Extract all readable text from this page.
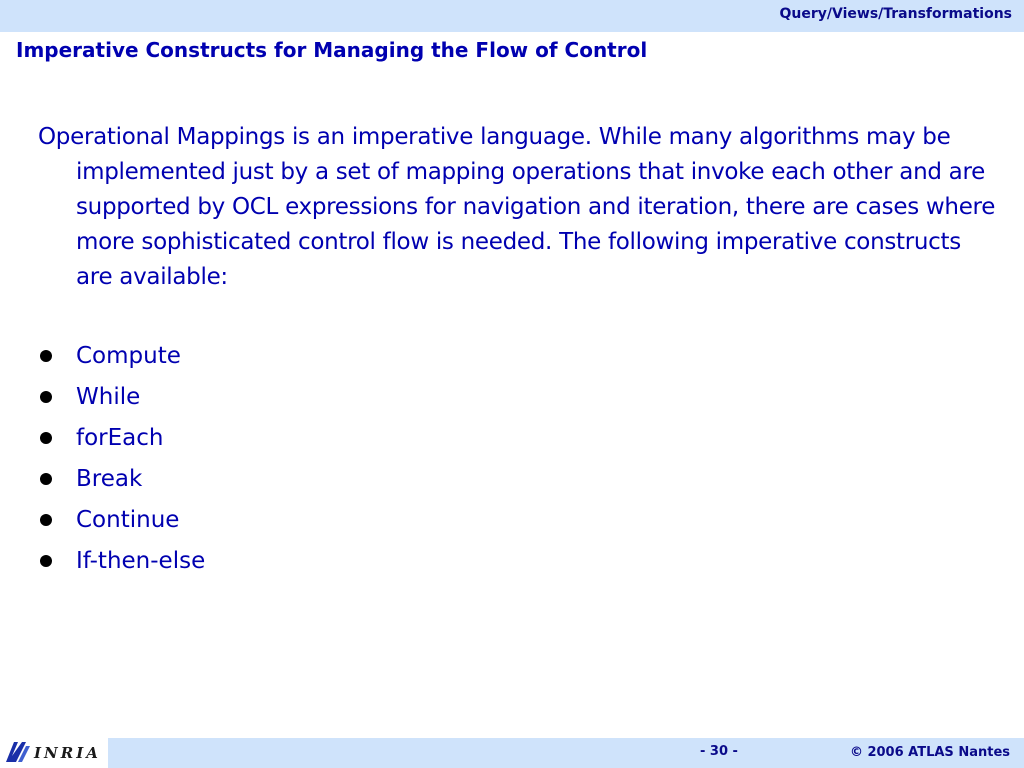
Query/Views/Transformations
Imperative Constructs for Managing the Flow of Control

Operational Mappings is an imperative language. While many algorithms may be implemented just by a set of mapping operations that invoke each other and are supported by OCL expressions for navigation and iteration, there are cases where more sophisticated control flow is needed. The following imperative constructs are available:

Compute
While
forEach
Break
Continue
If-then-else
INRIA	- 30 -	© 2006 ATLAS Nantes
